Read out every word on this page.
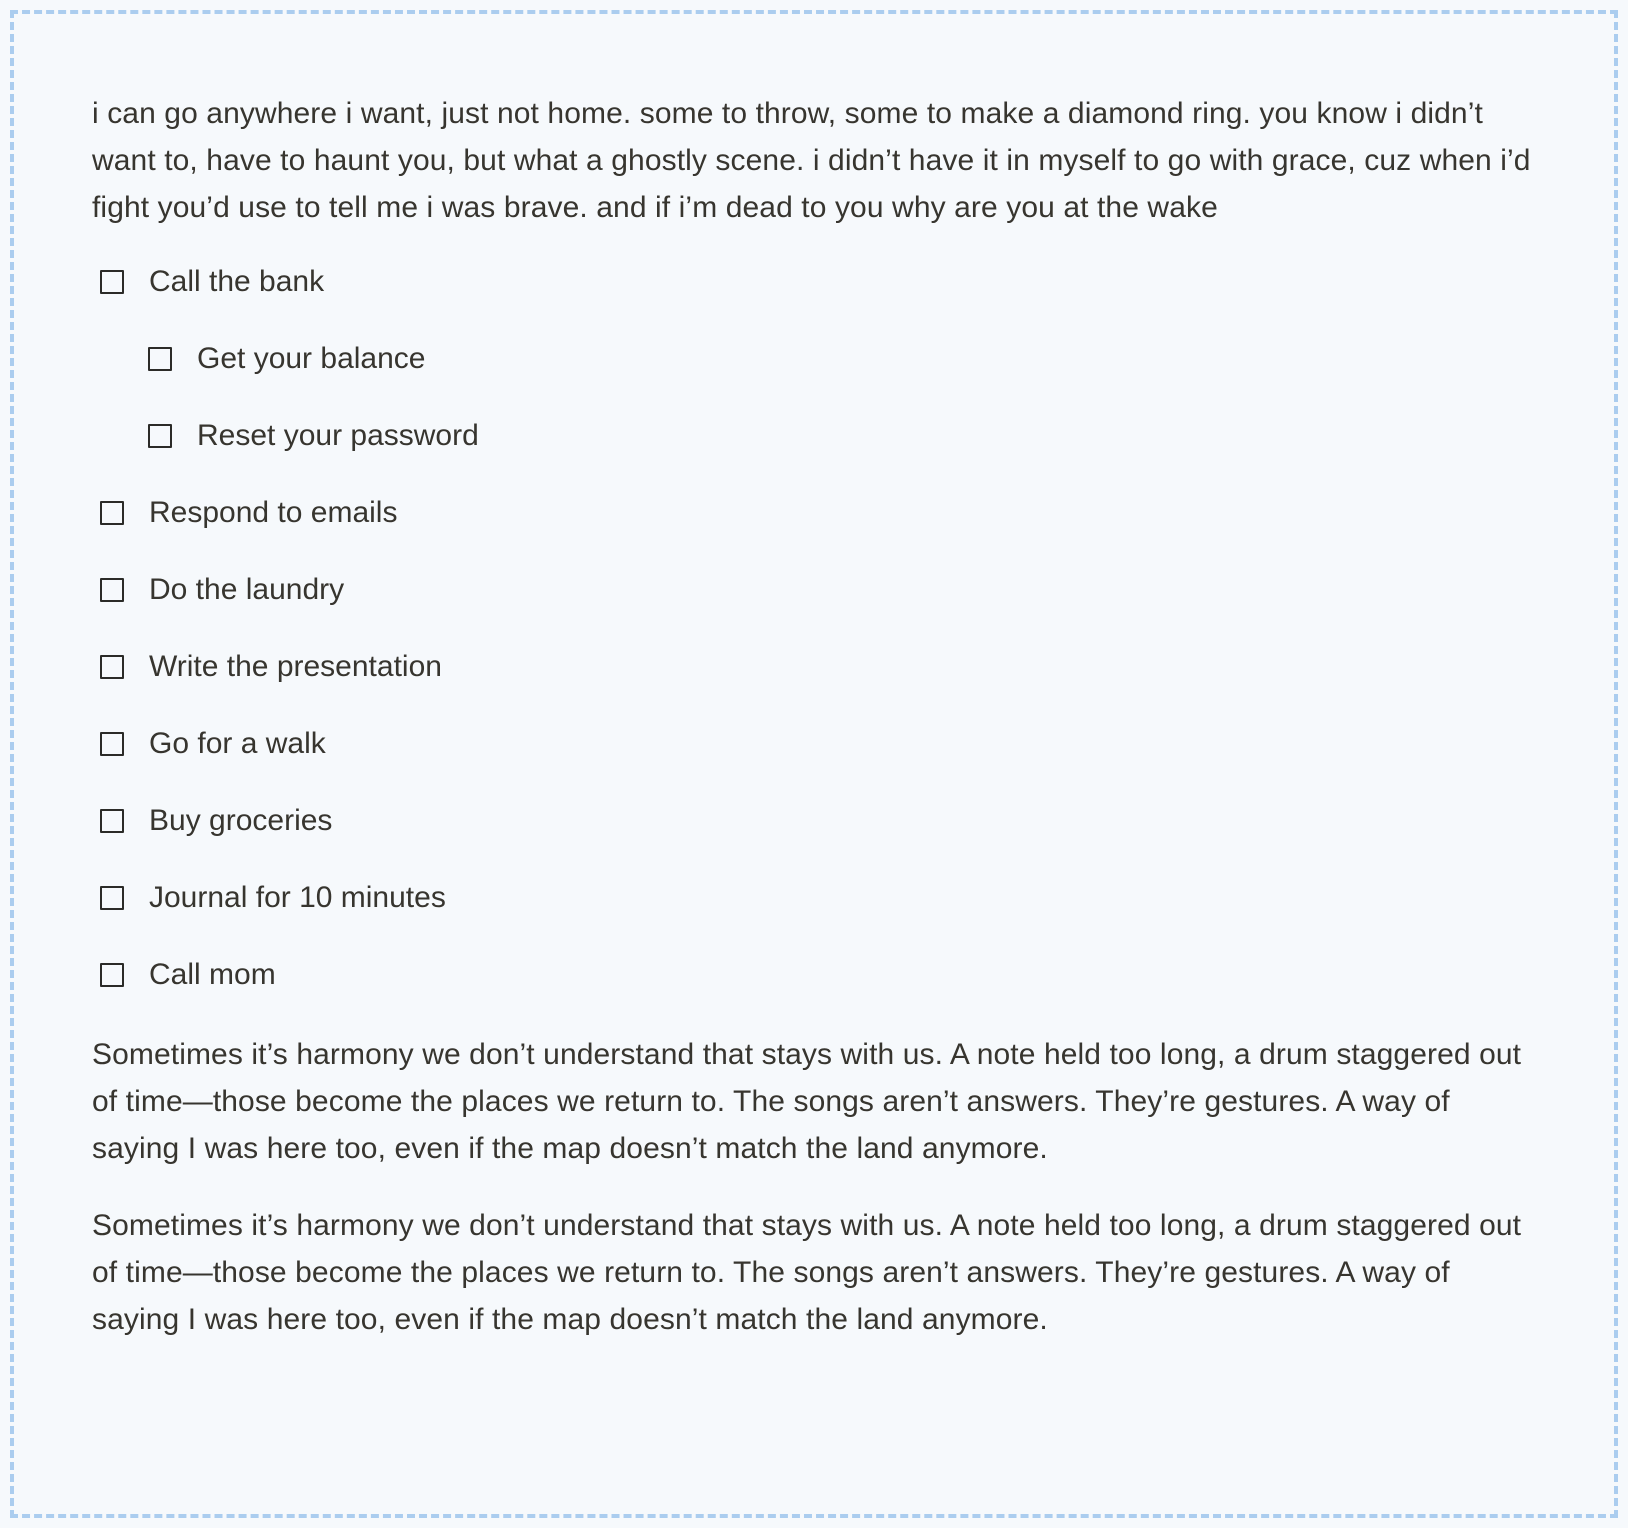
i can go anywhere i want, just not home. some to throw, some to make a diamond ring. you know i didn’t want to, have to haunt you, but what a ghostly scene. i didn’t have it in myself to go with grace, cuz when i’d fight you’d use to tell me i was brave. and if i’m dead to you why are you at the wake

Call the bank
Get your balance
Reset your password
Respond to emails
Do the laundry
Write the presentation
Go for a walk
Buy groceries
Journal for 10 minutes
Call mom

Sometimes it’s harmony we don’t understand that stays with us. A note held too long, a drum staggered out of time—those become the places we return to. The songs aren’t answers. They’re gestures. A way of saying I was here too, even if the map doesn’t match the land anymore.

Sometimes it’s harmony we don’t understand that stays with us. A note held too long, a drum staggered out of time—those become the places we return to. The songs aren’t answers. They’re gestures. A way of saying I was here too, even if the map doesn’t match the land anymore.
